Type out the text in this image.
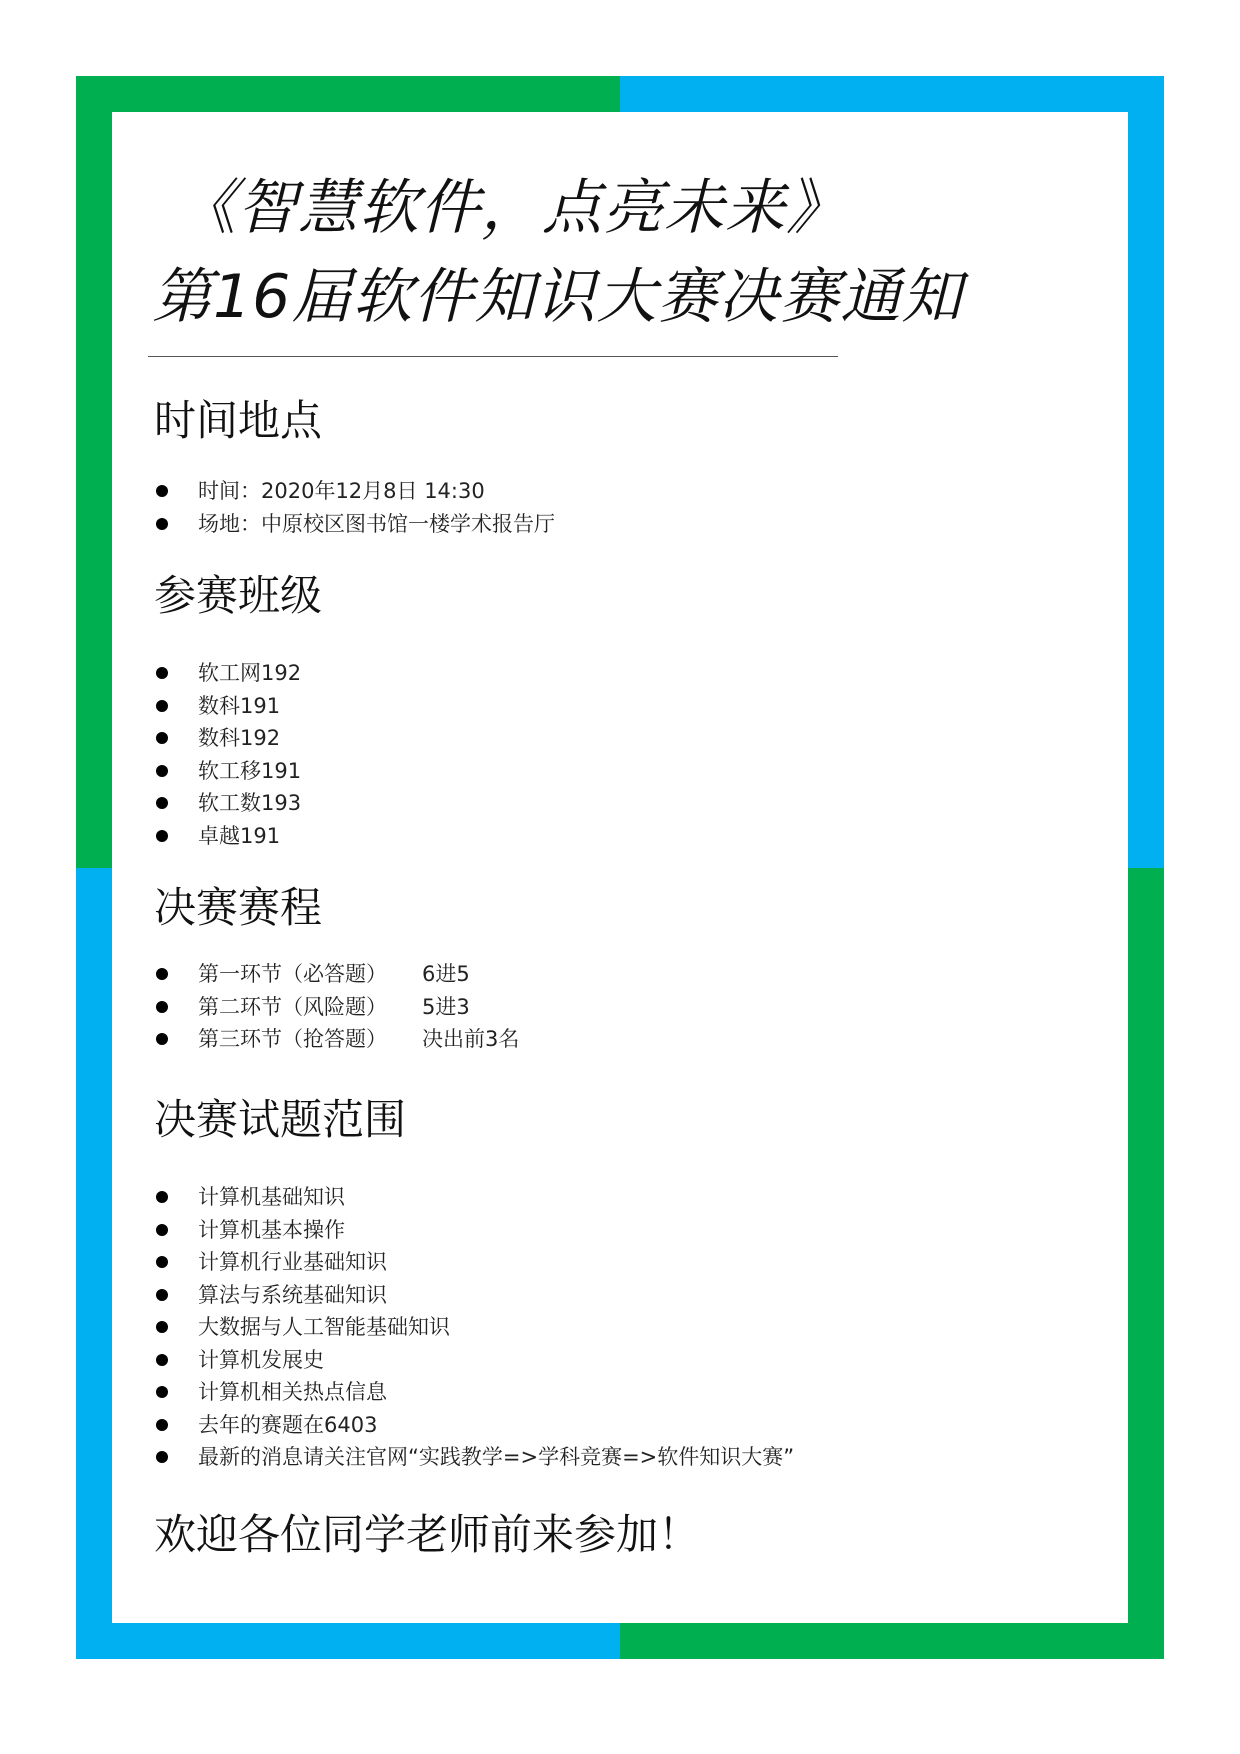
《智慧软件，点亮未来》
第16届软件知识大赛决赛通知
时间地点
时间：2020年12月8日 14:30
场地：中原校区图书馆一楼学术报告厅
参赛班级
软工网192
数科191
数科192
软工移191
软工数193
卓越191
决赛赛程
第一环节（必答题） 6进5
第二环节（风险题） 5进3
第三环节（抢答题） 决出前3名
决赛试题范围
计算机基础知识
计算机基本操作
计算机行业基础知识
算法与系统基础知识
大数据与人工智能基础知识
计算机发展史
计算机相关热点信息
去年的赛题在6403
最新的消息请关注官网“实践教学=>学科竞赛=>软件知识大赛”

欢迎各位同学老师前来参加！
